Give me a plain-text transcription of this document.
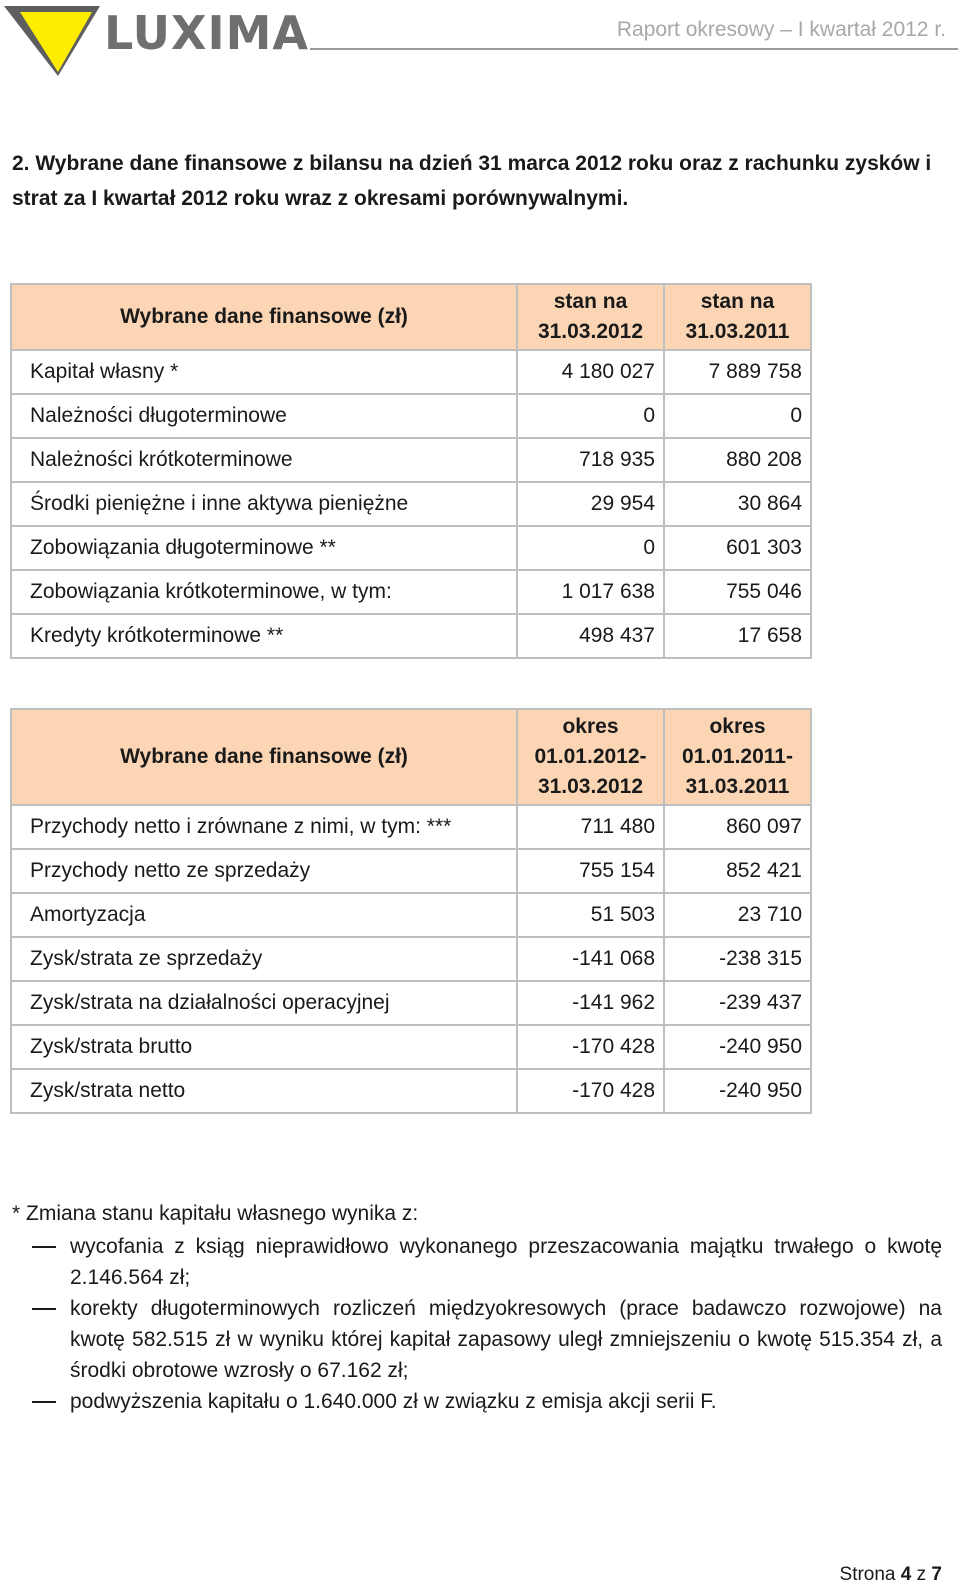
LUXIMA	Raport okresowy – I kwartał 2012 r.
2. Wybrane dane finansowe z bilansu na dzień 31 marca 2012 roku oraz z rachunku zysków i strat za I kwartał 2012 roku wraz z okresami porównywalnymi.
Wybrane dane finansowe (zł)	stan na 31.03.2012	stan na 31.03.2011
Kapitał własny *	4 180 027	7 889 758
Należności długoterminowe	0	0
Należności krótkoterminowe	718 935	880 208
Środki pieniężne i inne aktywa pieniężne	29 954	30 864
Zobowiązania długoterminowe **	0	601 303
Zobowiązania krótkoterminowe, w tym:	1 017 638	755 046
Kredyty krótkoterminowe **	498 437	17 658
Wybrane dane finansowe (zł)	okres 01.01.2012-31.03.2012	okres 01.01.2011-31.03.2011
Przychody netto i zrównane z nimi, w tym: ***	711 480	860 097
Przychody netto ze sprzedaży	755 154	852 421
Amortyzacja	51 503	23 710
Zysk/strata ze sprzedaży	-141 068	-238 315
Zysk/strata na działalności operacyjnej	-141 962	-239 437
Zysk/strata brutto	-170 428	-240 950
Zysk/strata netto	-170 428	-240 950
* Zmiana stanu kapitału własnego wynika z:
wycofania z ksiąg nieprawidłowo wykonanego przeszacowania majątku trwałego o kwotę 2.146.564 zł;
korekty długoterminowych rozliczeń międzyokresowych (prace badawczo rozwojowe) na kwotę 582.515 zł w wyniku której kapitał zapasowy uległ zmniejszeniu o kwotę 515.354 zł, a środki obrotowe wzrosły o 67.162 zł;
podwyższenia kapitału o 1.640.000 zł w związku z emisja akcji serii F.
Strona 4 z 7
